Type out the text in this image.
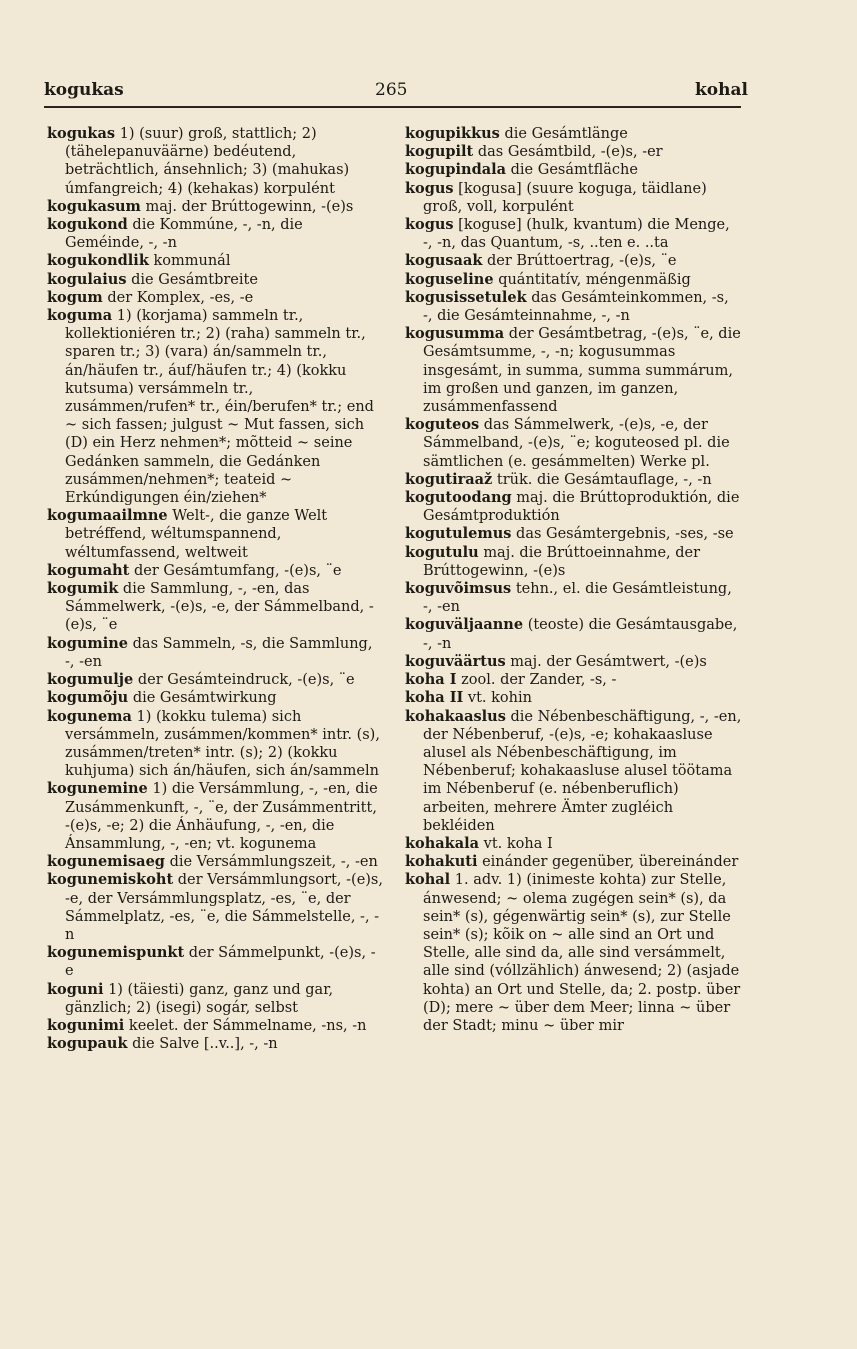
kogukas	265	kohal

kogukas 1) (suur) groß, stattlich; 2) (tähelepanuväärne) bedéutend, beträchtlich, ánsehnlich; 3) (mahukas) úmfangreich; 4) (kehakas) korpulént

kogukasum maj. der Brúttogewinn, -(e)s

kogukond die Kommúne, -, -n, die Geméinde, -, -n

kogukondlik kommunál

kogulaius die Gesámtbreite

kogum der Komplex, -es, -e

koguma 1) (korjama) sammeln tr., kollektioniéren tr.; 2) (raha) sammeln tr., sparen tr.; 3) (vara) án/sammeln tr., án/häufen tr., áuf/häufen tr.; 4) (kokku kutsuma) versámmeln tr., zusámmen/rufen* tr., éin/berufen* tr.; end ~ sich fassen; julgust ~ Mut fassen, sich (D) ein Herz nehmen*; mõtteid ~ seine Gedánken sammeln, die Gedánken zusámmen/nehmen*; teateid ~ Erkúndigungen éin/ziehen*

kogumaailmne Welt-, die ganze Welt betréffend, wéltumspannend, wéltumfassend, weltweit

kogumaht der Gesámtumfang, -(e)s, ¨e

kogumik die Sammlung, -, -en, das Sámmelwerk, -(e)s, -e, der Sámmelband, -(e)s, ¨e

kogumine das Sammeln, -s, die Sammlung, -, -en

kogumulje der Gesámteindruck, -(e)s, ¨e

kogumõju die Gesámtwirkung

kogunema 1) (kokku tulema) sich versámmeln, zusámmen/kommen* intr. (s), zusámmen/treten* intr. (s); 2) (kokku kuhjuma) sich án/häufen, sich án/sammeln

kogunemine 1) die Versámmlung, -, -en, die Zusámmenkunft, -, ¨e, der Zusámmentritt, -(e)s, -e; 2) die Ánhäufung, -, -en, die Ánsammlung, -, -en; vt. kogunema

kogunemisaeg die Versámmlungszeit, -, -en

kogunemiskoht der Versámmlungsort, -(e)s, -e, der Versámmlungsplatz, -es, ¨e, der Sámmelplatz, -es, ¨e, die Sámmelstelle, -, -n

kogunemispunkt der Sámmelpunkt, -(e)s, -e

koguni 1) (täiesti) ganz, ganz und gar, gänzlich; 2) (isegi) sogár, selbst

kogunimi keelet. der Sámmelname, -ns, -n

kogupauk die Salve [..v..], -, -n

kogupikkus die Gesámtlänge

kogupilt das Gesámtbild, -(e)s, -er

kogupindala die Gesámtfläche

kogus [kogusa] (suure koguga, täidlane) groß, voll, korpulént

kogus [koguse] (hulk, kvantum) die Menge, -, -n, das Quantum, -s, ..ten e. ..ta

kogusaak der Brúttoertrag, -(e)s, ¨e

koguseline quántitatív, méngenmäßig

kogusissetulek das Gesámteinkommen, -s, -, die Gesámteinnahme, -, -n

kogusumma der Gesámtbetrag, -(e)s, ¨e, die Gesámtsumme, -, -n; kogusummas insgesámt, in summa, summa summárum, im großen und ganzen, im ganzen, zusámmenfassend

koguteos das Sámmelwerk, -(e)s, -e, der Sámmelband, -(e)s, ¨e; koguteosed pl. die sämtlichen (e. gesámmelten) Werke pl.

kogutiraaž trük. die Gesámtauflage, -, -n

kogutoodang maj. die Brúttoproduktión, die Gesámtproduktión

kogutulemus das Gesámtergebnis, -ses, -se

kogutulu maj. die Brúttoeinnahme, der Brúttogewinn, -(e)s

koguvõimsus tehn., el. die Gesámtleistung, -, -en

koguväljaanne (teoste) die Gesámtausgabe, -, -n

koguväärtus maj. der Gesámtwert, -(e)s

koha I zool. der Zander, -s, -

koha II vt. kohin

kohakaaslus die Nébenbeschäftigung, -, -en, der Nébenberuf, -(e)s, -e; kohakaasluse alusel als Nébenbeschäftigung, im Nébenberuf; kohakaasluse alusel töötama im Nébenberuf (e. nébenberuflich) arbeiten, mehrere Ämter zugléich bekléiden

kohakala vt. koha I

kohakuti einánder gegenüber, übereinánder

kohal 1. adv. 1) (inimeste kohta) zur Stelle, ánwesend; ~ olema zugégen sein* (s), da sein* (s), gégenwärtig sein* (s), zur Stelle sein* (s); kõik on ~ alle sind an Ort und Stelle, alle sind da, alle sind versámmelt, alle sind (vóllzählich) ánwesend; 2) (asjade kohta) an Ort und Stelle, da; 2. postp. über (D); mere ~ über dem Meer; linna ~ über der Stadt; minu ~ über mir
